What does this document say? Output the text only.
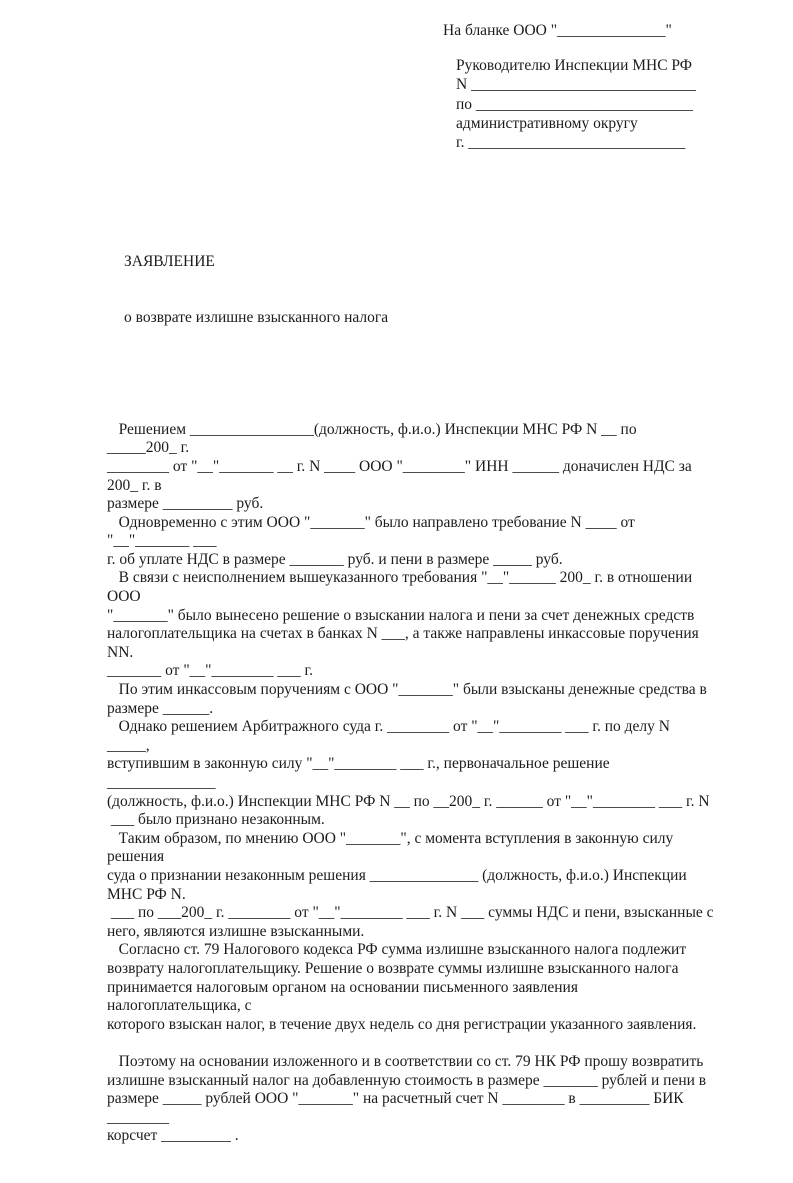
На бланке ООО "______________"
Руководителю Инспекции МНС РФ
N _____________________________
по ____________________________
административному округу
г. ____________________________

ЗАЯВЛЕНИЕ

о возврате излишне взысканного налога

Решением ________________(должность, ф.и.о.) Инспекции МНС РФ N __ по
_____200_ г.
________ от "__"_______ __ г. N ____ ООО "________" ИНН ______ доначислен НДС за
200_ г. в
размере _________ руб.
Одновременно с этим ООО "_______" было направлено требование N ____ от
"__"_______ ___
г. об уплате НДС в размере _______ руб. и пени в размере _____ руб.
В связи с неисполнением вышеуказанного требования "__"______ 200_ г. в отношении
ООО
"_______" было вынесено решение о взыскании налога и пени за счет денежных средств
налогоплательщика на счетах в банках N ___, а также направлены инкассовые поручения
NN.
_______ от "__"________ ___ г.
По этим инкассовым поручениям с ООО "_______" были взысканы денежные средства в
размере ______.
Однако решением Арбитражного суда г. ________ от "__"________ ___ г. по делу N
_____,
вступившим в законную силу "__"________ ___ г., первоначальное решение
______________
(должность, ф.и.о.) Инспекции МНС РФ N __ по __200_ г. ______ от "__"________ ___ г. N
___ было признано незаконным.
Таким образом, по мнению ООО "_______", с момента вступления в законную силу
решения
суда о признании незаконным решения ______________ (должность, ф.и.о.) Инспекции
МНС РФ N.
___ по ___200_ г. ________ от "__"________ ___ г. N ___ суммы НДС и пени, взысканные с
него, являются излишне взысканными.
Согласно ст. 79 Налогового кодекса РФ сумма излишне взысканного налога подлежит
возврату налогоплательщику. Решение о возврате суммы излишне взысканного налога
принимается налоговым органом на основании письменного заявления
налогоплательщика, с
которого взыскан налог, в течение двух недель со дня регистрации указанного заявления.

Поэтому на основании изложенного и в соответствии со ст. 79 НК РФ прошу возвратить
излишне взысканный налог на добавленную стоимость в размере _______ рублей и пени в
размере _____ рублей ООО "_______" на расчетный счет N ________ в _________ БИК
________
корсчет _________ .
